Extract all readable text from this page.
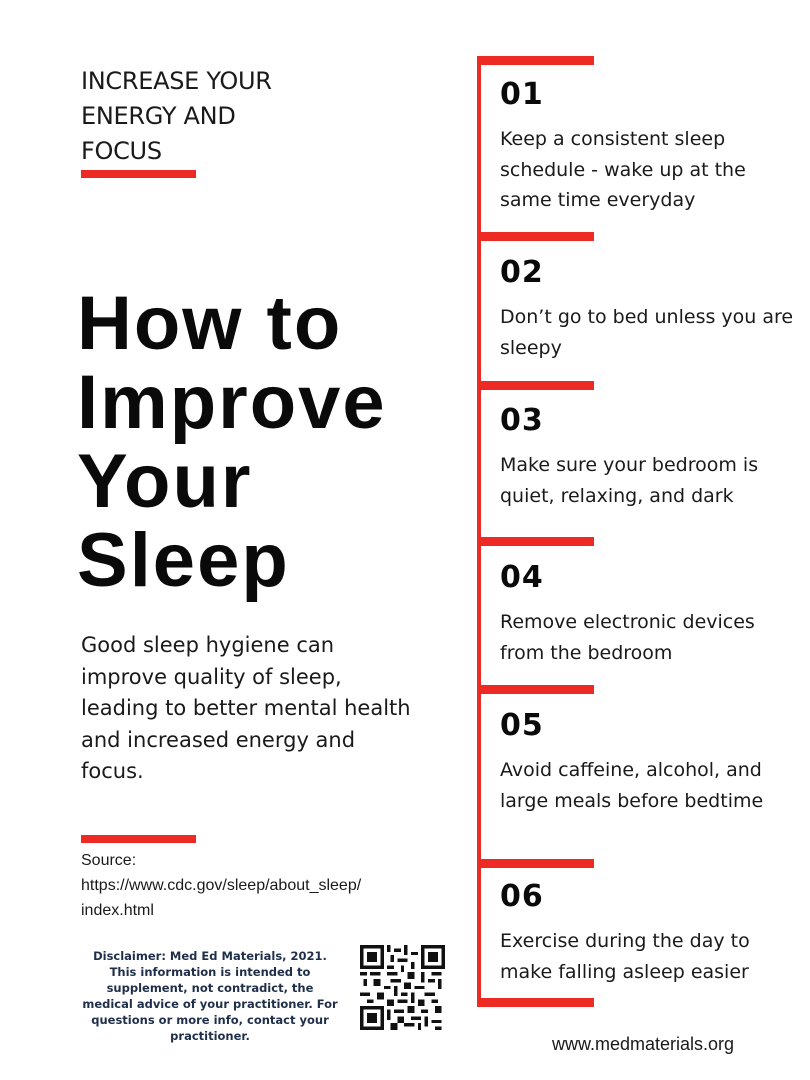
INCREASE YOUR
ENERGY AND
FOCUS
How to
Improve
Your
Sleep
Good sleep hygiene can improve quality of sleep, leading to better mental health and increased energy and focus.
Source:
https://www.cdc.gov/sleep/about_sleep/
index.html
Disclaimer: Med Ed Materials, 2021. This information is intended to supplement, not contradict, the medical advice of your practitioner. For questions or more info, contact your practitioner.
01
Keep a consistent sleep schedule - wake up at the same time everyday
02
Don’t go to bed unless you are sleepy
03
Make sure your bedroom is quiet, relaxing, and dark
04
Remove electronic devices from the bedroom
05
Avoid caffeine, alcohol, and large meals before bedtime
06
Exercise during the day to make falling asleep easier
www.medmaterials.org
